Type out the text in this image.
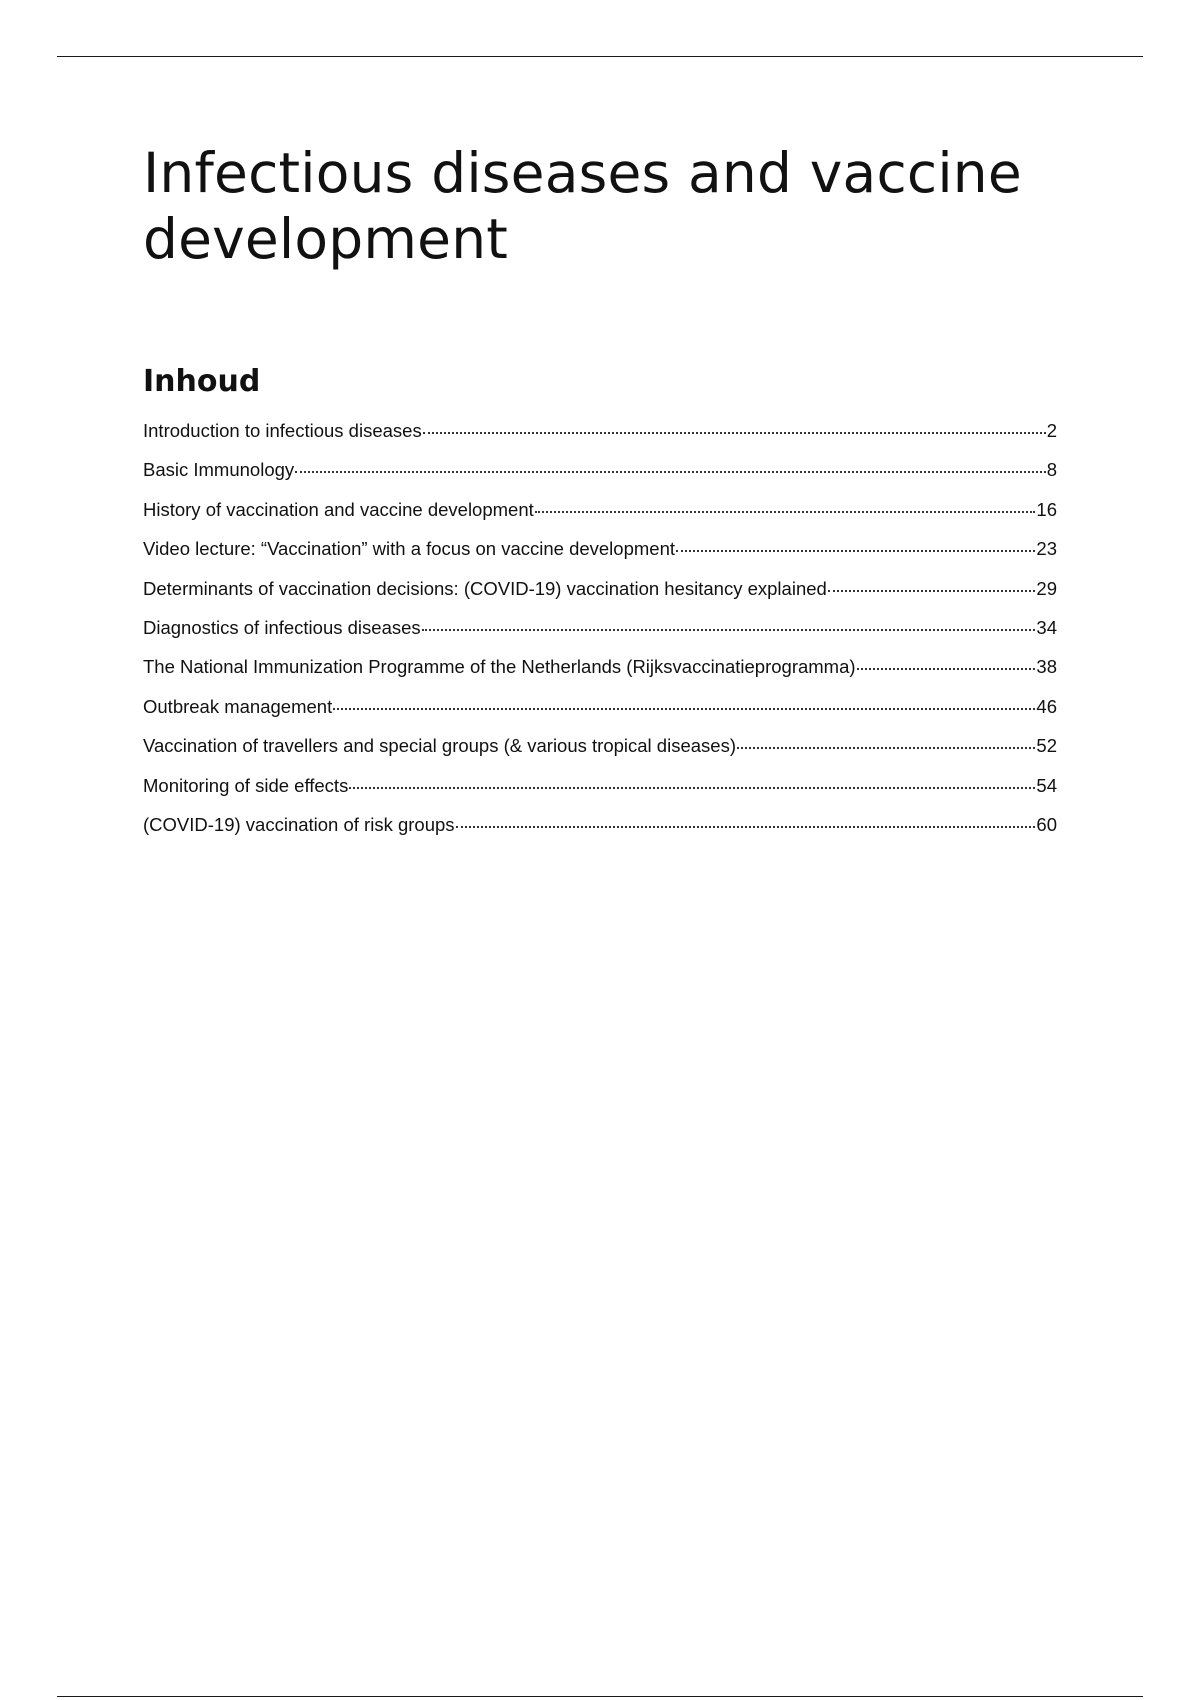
Infectious diseases and vaccine development
Inhoud
Introduction to infectious diseases	2
Basic Immunology	8
History of vaccination and vaccine development	16
Video lecture: “Vaccination” with a focus on vaccine development	23
Determinants of vaccination decisions: (COVID-19) vaccination hesitancy explained	29
Diagnostics of infectious diseases	34
The National Immunization Programme of the Netherlands (Rijksvaccinatieprogramma)	38
Outbreak management	46
Vaccination of travellers and special groups (& various tropical diseases)	52
Monitoring of side effects	54
(COVID-19) vaccination of risk groups	60
